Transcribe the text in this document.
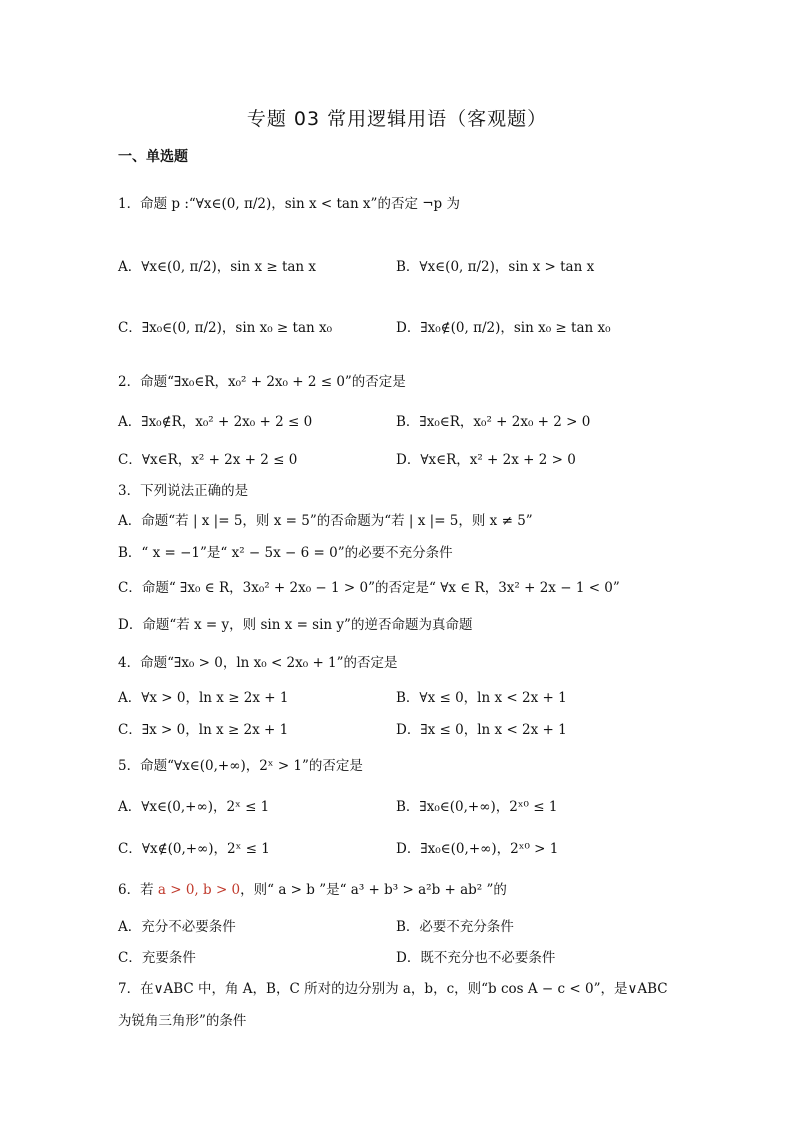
专题 03 常用逻辑用语（客观题）
一、单选题
1．命题 p :“∀x∈(0, π/2)，sin x < tan x”的否定 ¬p 为
A．∀x∈(0, π/2)，sin x ≥ tan x	B．∀x∈(0, π/2)，sin x > tan x
C．∃x₀∈(0, π/2)，sin x₀ ≥ tan x₀	D．∃x₀∉(0, π/2)，sin x₀ ≥ tan x₀
2．命题“∃x₀∈R，x₀² + 2x₀ + 2 ≤ 0”的否定是
A．∃x₀∉R，x₀² + 2x₀ + 2 ≤ 0	B．∃x₀∈R，x₀² + 2x₀ + 2 > 0
C．∀x∈R，x² + 2x + 2 ≤ 0	D．∀x∈R，x² + 2x + 2 > 0
3．下列说法正确的是
A．命题“若 | x |= 5，则 x = 5”的否命题为“若 | x |= 5，则 x ≠ 5”
B．“ x = −1”是“ x² − 5x − 6 = 0”的必要不充分条件
C．命题“ ∃x₀ ∈ R，3x₀² + 2x₀ − 1 > 0”的否定是“ ∀x ∈ R，3x² + 2x − 1 < 0”
D．命题“若 x = y，则 sin x = sin y”的逆否命题为真命题
4．命题“∃x₀ > 0，ln x₀ < 2x₀ + 1”的否定是
A．∀x > 0，ln x ≥ 2x + 1	B．∀x ≤ 0，ln x < 2x + 1
C．∃x > 0，ln x ≥ 2x + 1	D．∃x ≤ 0，ln x < 2x + 1
5．命题“∀x∈(0,+∞)，2ˣ > 1”的否定是
A．∀x∈(0,+∞)，2ˣ ≤ 1	B．∃x₀∈(0,+∞)，2ˣ⁰ ≤ 1
C．∀x∉(0,+∞)，2ˣ ≤ 1	D．∃x₀∈(0,+∞)，2ˣ⁰ > 1
6．若 a > 0, b > 0，则“ a > b ”是“ a³ + b³ > a²b + ab² ”的
A．充分不必要条件	B．必要不充分条件
C．充要条件	D．既不充分也不必要条件
7．在∨ABC 中，角 A，B，C 所对的边分别为 a，b，c，则“b cos A − c < 0”，是∨ABC
为锐角三角形”的条件
